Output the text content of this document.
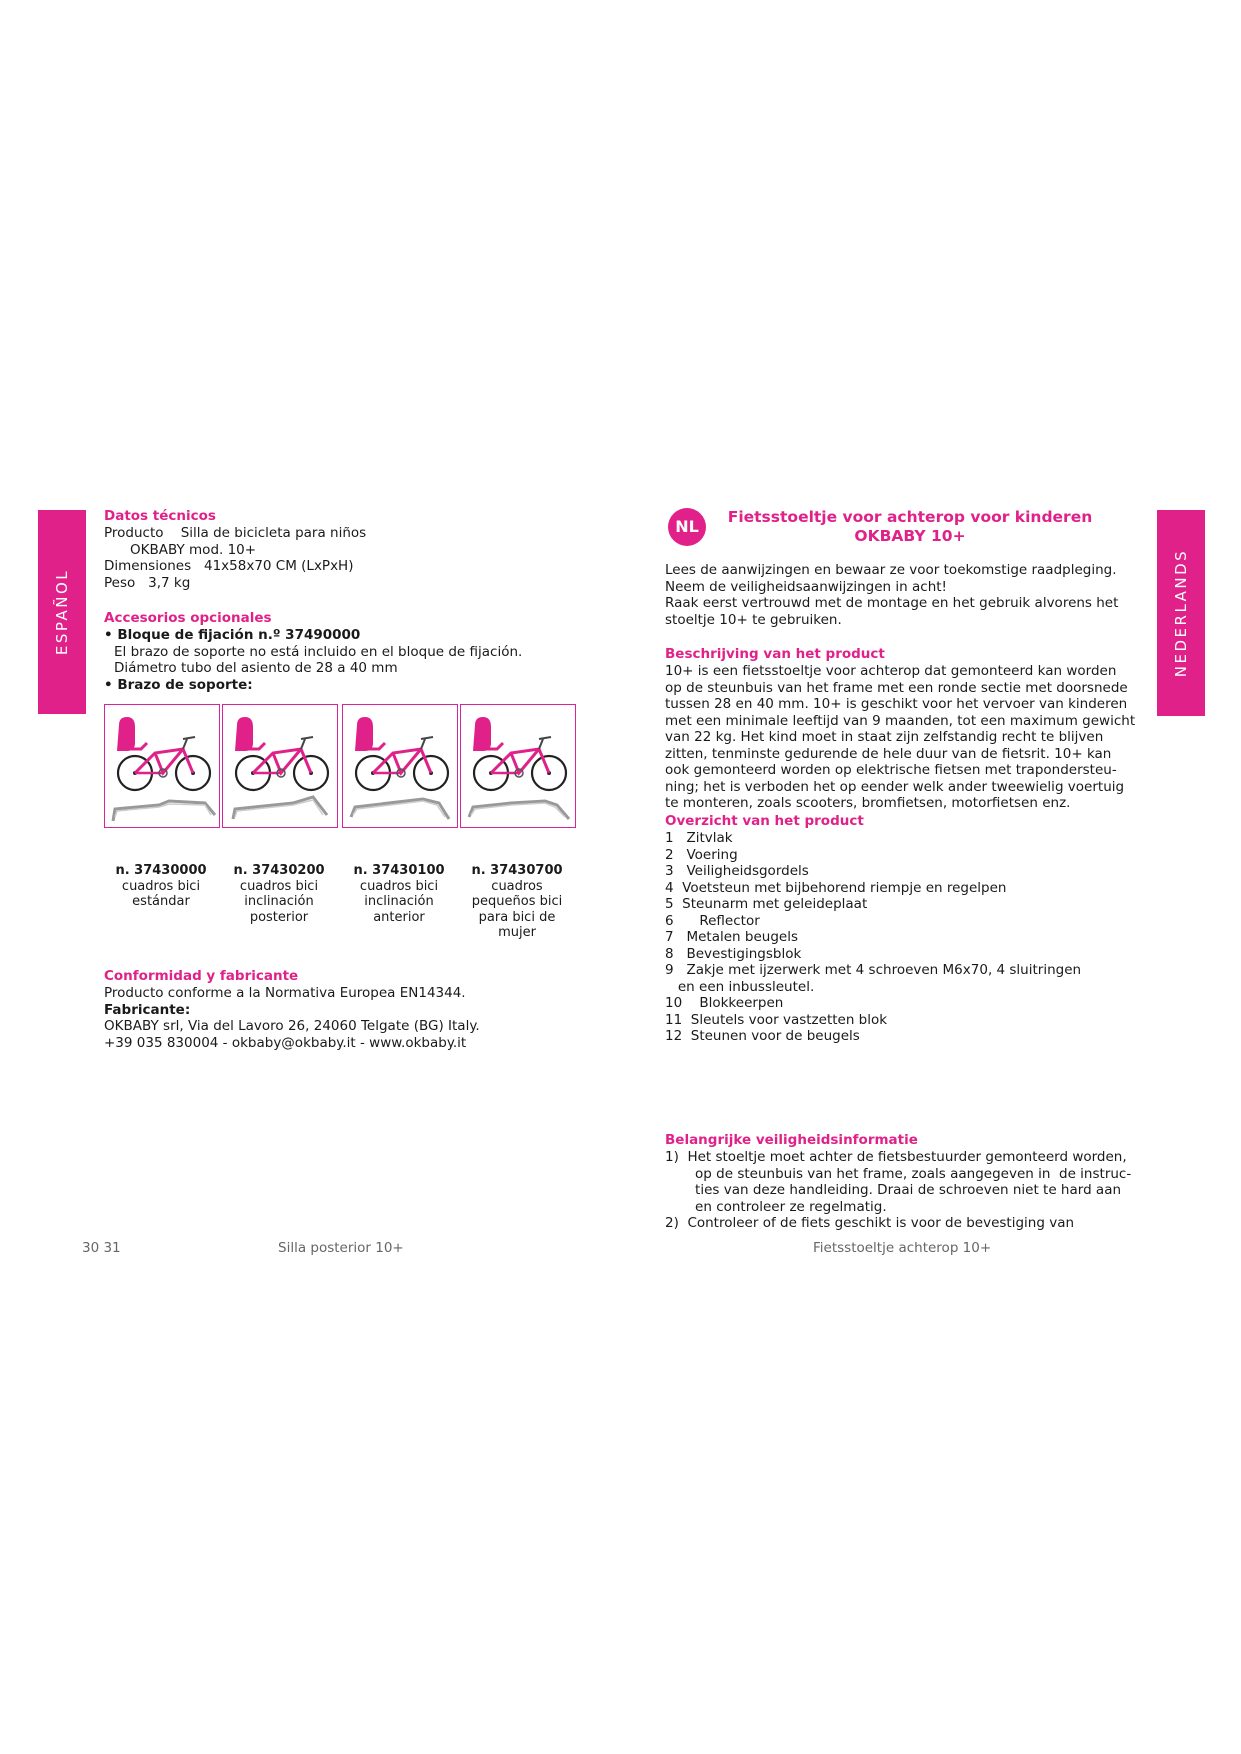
ESPAÑOL
Datos técnicos
Producto Silla de bicicleta para niños
OKBABY mod. 10+
Dimensiones 41x58x70 CM (LxPxH)
Peso 3,7 kg
Accesorios opcionales
• Bloque de fijación n.º 37490000
El brazo de soporte no está incluido en el bloque de fijación.
Diámetro tubo del asiento de 28 a 40 mm
• Brazo de soporte:
n. 37430000
cuadros bici
estándar
n. 37430200
cuadros bici
inclinación
posterior
n. 37430100
cuadros bici
inclinación
anterior
n. 37430700
cuadros
pequeños bici
para bici de
mujer
Conformidad y fabricante
Producto conforme a la Normativa Europea EN14344.
Fabricante:
OKBABY srl, Via del Lavoro 26, 24060 Telgate (BG) Italy.
+39 035 830004 - okbaby@okbaby.it - www.okbaby.it
30 31	Silla posterior 10+
NEDERLANDS
NL	Fietsstoeltje voor achterop voor kinderen
OKBABY 10+
Lees de aanwijzingen en bewaar ze voor toekomstige raadpleging.
Neem de veiligheidsaanwijzingen in acht!
Raak eerst vertrouwd met de montage en het gebruik alvorens het
stoeltje 10+ te gebruiken.
Beschrijving van het product
10+ is een fietsstoeltje voor achterop dat gemonteerd kan worden
op de steunbuis van het frame met een ronde sectie met doorsnede
tussen 28 en 40 mm. 10+ is geschikt voor het vervoer van kinderen
met een minimale leeftijd van 9 maanden, tot een maximum gewicht
van 22 kg. Het kind moet in staat zijn zelfstandig recht te blijven
zitten, tenminste gedurende de hele duur van de fietsrit. 10+ kan
ook gemonteerd worden op elektrische fietsen met trapondersteu-
ning; het is verboden het op eender welk ander tweewielig voertuig
te monteren, zoals scooters, bromfietsen, motorfietsen enz.
Overzicht van het product
1   Zitvlak
2   Voering
3   Veiligheidsgordels
4  Voetsteun met bijbehorend riempje en regelpen
5  Steunarm met geleideplaat
6      Reflector
7   Metalen beugels
8   Bevestigingsblok
9   Zakje met ijzerwerk met 4 schroeven M6x70, 4 sluitringen
en een inbussleutel.
10    Blokkeerpen
11  Sleutels voor vastzetten blok
12  Steunen voor de beugels
Belangrijke veiligheidsinformatie
1)  Het stoeltje moet achter de fietsbestuurder gemonteerd worden,
op de steunbuis van het frame, zoals aangegeven in  de instruc-
ties van deze handleiding. Draai de schroeven niet te hard aan
en controleer ze regelmatig.
2)  Controleer of de fiets geschikt is voor de bevestiging van
Fietsstoeltje achterop 10+
